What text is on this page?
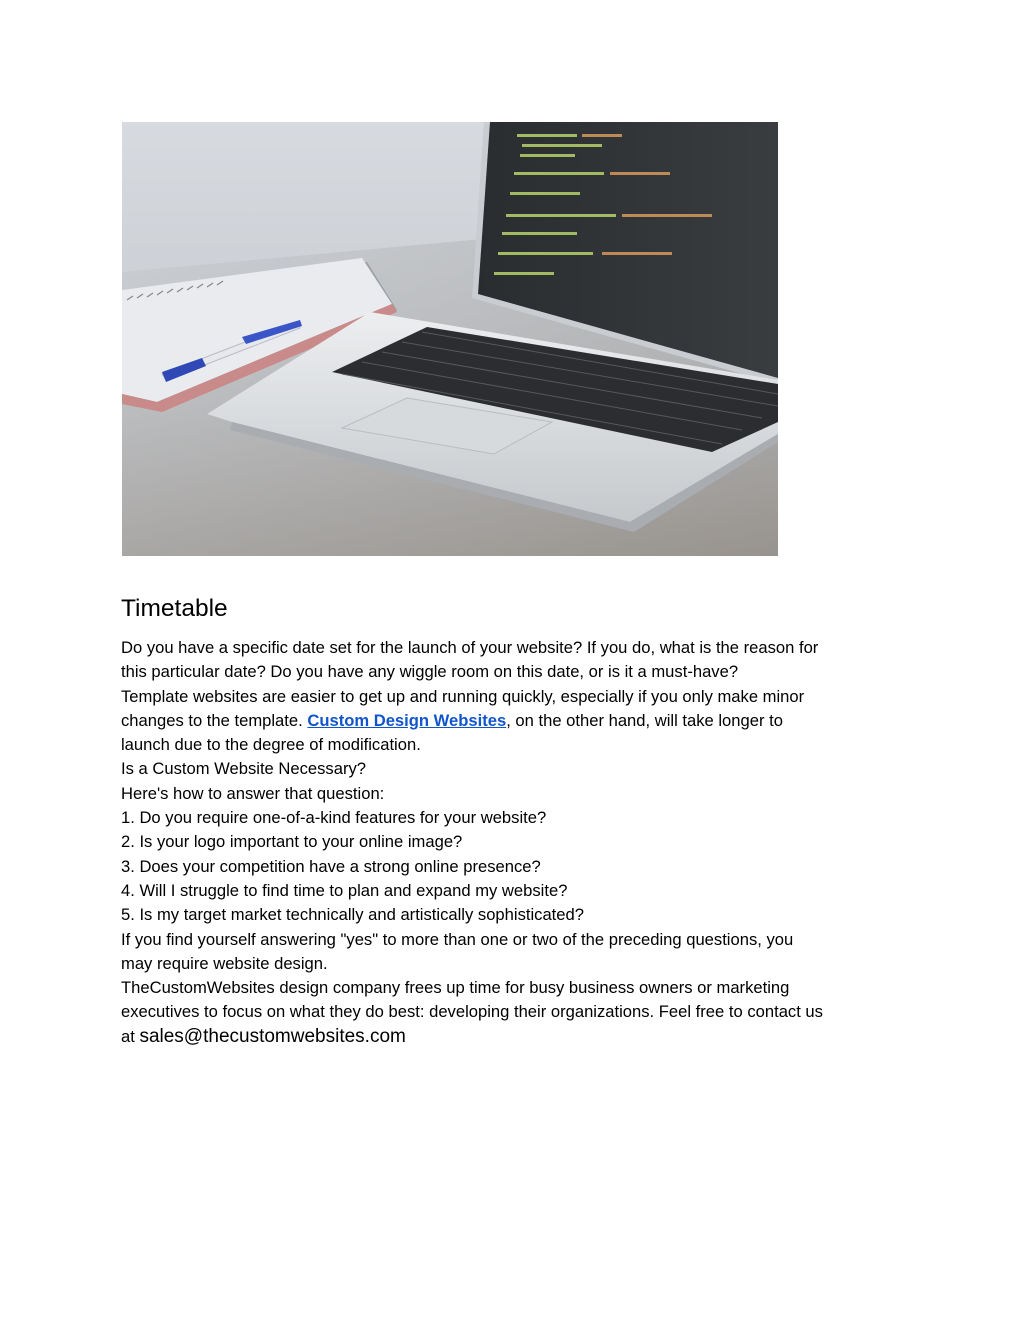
Timetable

Do you have a specific date set for the launch of your website? If you do, what is the reason for

this particular date? Do you have any wiggle room on this date, or is it a must-have?

Template websites are easier to get up and running quickly, especially if you only make minor

changes to the template. Custom Design Websites, on the other hand, will take longer to

launch due to the degree of modification.

Is a Custom Website Necessary?

Here's how to answer that question:

1. Do you require one-of-a-kind features for your website?

2. Is your logo important to your online image?

3. Does your competition have a strong online presence?

4. Will I struggle to find time to plan and expand my website?

5. Is my target market technically and artistically sophisticated?

If you find yourself answering "yes" to more than one or two of the preceding questions, you

may require website design.

TheCustomWebsites design company frees up time for busy business owners or marketing

executives to focus on what they do best: developing their organizations. Feel free to contact us

at sales@thecustomwebsites.com
